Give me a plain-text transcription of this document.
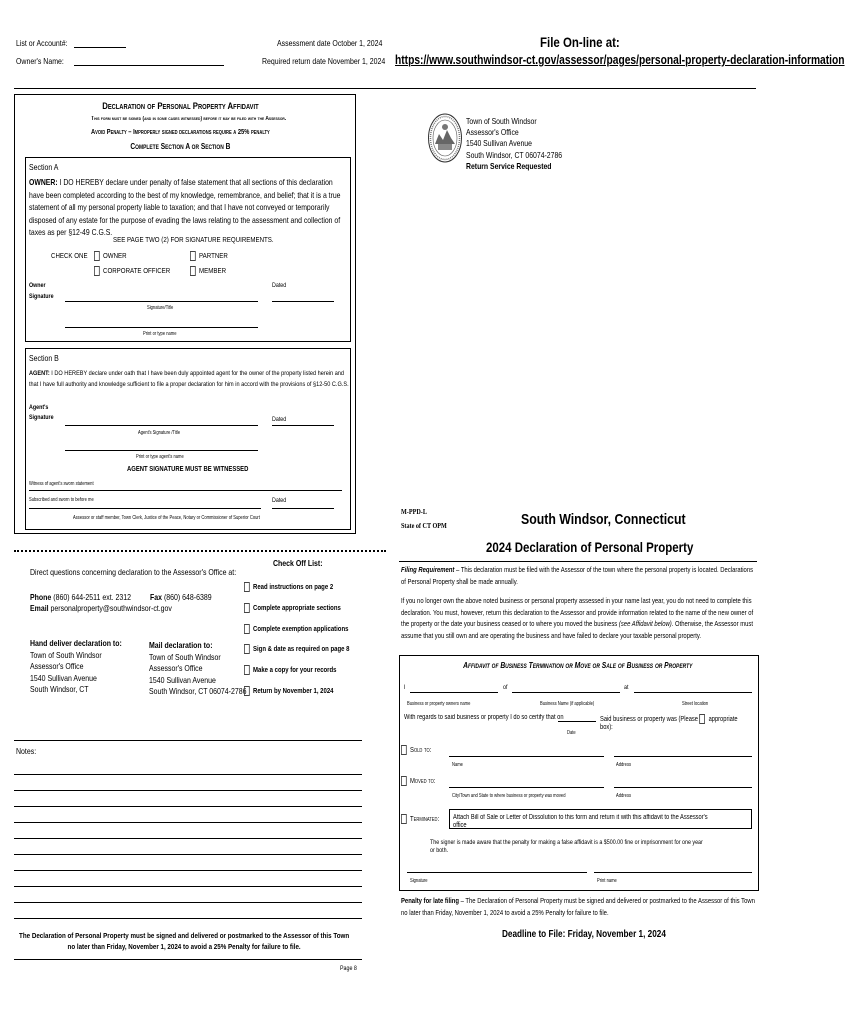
List or Account#:
Owner's Name:
Assessment date October 1, 2024
Required return date November 1, 2024
File On-line at:
https://www.southwindsor-ct.gov/assessor/pages/personal-property-declaration-information
Declaration of Personal Property Affidavit
This form must be signed (and in some cases witnessed) before it may be filed with the Assessor.
Avoid Penalty – Improperly signed declarations require a 25% penalty
Complete Section A or Section B
Section A
OWNER: I DO HEREBY declare under penalty of false statement that all sections of this declaration have been completed according to the best of my knowledge, remembrance, and belief; that it is a true statement of all my personal property liable to taxation; and that I have not conveyed or temporarily disposed of any estate for the purpose of evading the laws relating to the assessment and collection of taxes as per §12-49 C.G.S.
SEE PAGE TWO (2) FOR SIGNATURE REQUIREMENTS.
CHECK ONE	OWNER	PARTNER
CORPORATE OFFICER	MEMBER
Owner
Signature
Dated
Signature/Title
Print or type name
Section B
AGENT: I DO HEREBY declare under oath that I have been duly appointed agent for the owner of the property listed herein and that I have full authority and knowledge sufficient to file a proper declaration for him in accord with the provisions of §12-50 C.G.S.
Agent's
Signature	Dated
Agent's Signature /Title
Print or type agent's name
AGENT SIGNATURE MUST BE WITNESSED
Witness of agent's sworn statement
Subscribed and sworn to before me	Dated
Assessor or staff member, Town Clerk, Justice of the Peace, Notary or Commissioner of Superior Court
Town of South Windsor
Assessor's Office
1540 Sullivan Avenue
South Windsor, CT 06074-2786
Return Service Requested
Direct questions concerning declaration to the Assessor's Office at:
Phone (860) 644-2511 ext. 2312 Fax (860) 648-6389
Email personalproperty@southwindsor-ct.gov
Hand deliver declaration to:
Town of South Windsor
Assessor's Office
1540 Sullivan Avenue
South Windsor, CT
Mail declaration to:
Town of South Windsor
Assessor's Office
1540 Sullivan Avenue
South Windsor, CT 06074-2786
Check Off List:
Read instructions on page 2
Complete appropriate sections
Complete exemption applications
Sign & date as required on page 8
Make a copy for your records
Return by November 1, 2024
Notes:
The Declaration of Personal Property must be signed and delivered or postmarked to the Assessor of this Town no later than Friday, November 1, 2024 to avoid a 25% Penalty for failure to file.
Page 8
M-PPD-L
State of CT OPM	South Windsor, Connecticut
2024 Declaration of Personal Property
Filing Requirement – This declaration must be filed with the Assessor of the town where the personal property is located. Declarations of Personal Property shall be made annually.
If you no longer own the above noted business or personal property assessed in your name last year, you do not need to complete this declaration. You must, however, return this declaration to the Assessor and provide information related to the name of the new owner of the property or the date your business ceased or to where you moved the business (see Affidavit below). Otherwise, the Assessor must assume that you still own and are operating the business and have failed to declare your taxable personal property.
Affidavit of Business Termination or Move or Sale of Business or Property
I	of	at
Business or property owners name	Business Name (if applicable)	Street location
With regards to said business or property I do so certify that on	Said business or property was (Please appropriate box):
Date
Sold to:
Name	Address
Moved to:
City/Town and State to where business or property was moved	Address
Terminated: Attach Bill of Sale or Letter of Dissolution to this form and return it with this affidavit to the Assessor's office
The signer is made aware that the penalty for making a false affidavit is a $500.00 fine or imprisonment for one year or both.
Signature	Print name
Penalty for late filing – The Declaration of Personal Property must be signed and delivered or postmarked to the Assessor of this Town no later than Friday, November 1, 2024 to avoid a 25% Penalty for failure to file.
Deadline to File: Friday, November 1, 2024
